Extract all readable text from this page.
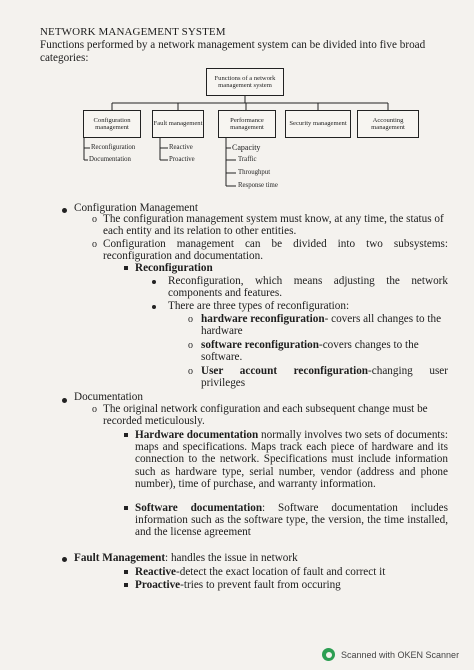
NETWORK MANAGEMENT SYSTEM
Functions performed by a network management system can be divided into five broad categories:
Functions of a network management system
Configuration management
Fault management
Performance management
Security management
Accounting management
Reconfiguration
Documentation
Reactive
Proactive
Capacity
Traffic
Throughput
Response time
Configuration Management
o The configuration management system must know, at any time, the status of each entity and its relation to other entities.
o Configuration management can be divided into two subsystems: reconfiguration and documentation.
Reconfiguration
Reconfiguration, which means adjusting the network components and features.
There are three types of reconfiguration:
o hardware reconfiguration- covers all changes to the hardware
o software reconfiguration-covers changes to the software.
o User account reconfiguration-changing user privileges
Documentation
o The original network configuration and each subsequent change must be recorded meticulously.
Hardware documentation normally involves two sets of documents: maps and specifications. Maps track each piece of hardware and its connection to the network. Specifications must include information such as hardware type, serial number, vendor (address and phone number), time of purchase, and warranty information.
Software documentation: Software documentation includes information such as the software type, the version, the time installed, and the license agreement
Fault Management: handles the issue in network
Reactive-detect the exact location of fault and correct it
Proactive-tries to prevent fault from occuring
Scanned with OKEN Scanner
